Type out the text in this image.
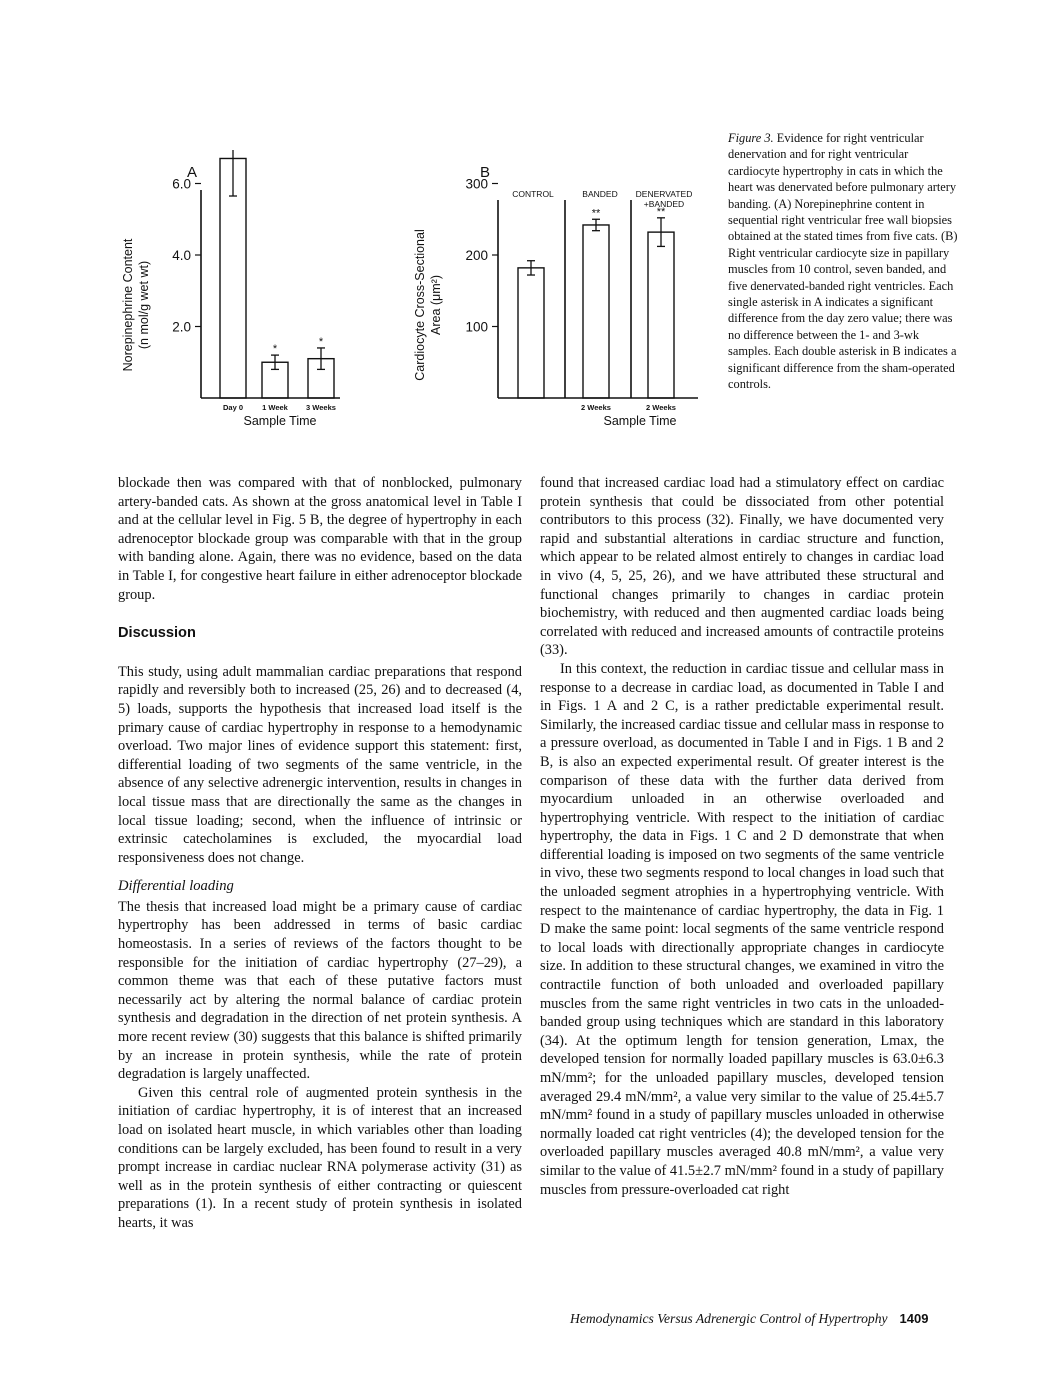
A
Norepinephrine Content (n mol/g wet wt) 2.0
4.0
6.0
Day 0
*
1 Week
*
3 Weeks
Sample Time
B
Cardiocyte Cross-Sectional Area (μm²)
CONTROL	BANDED DENERVATED
+BANDED
100
200
300
**
2 Weeks
**
2 Weeks
Sample Time
Figure 3. Evidence for right ventricular denervation and for right ventricular cardiocyte hypertrophy in cats in which the heart was denervated before pulmonary artery banding. (A) Norepinephrine content in sequential right ventricular free wall biopsies obtained at the stated times from five cats. (B) Right ventricular cardiocyte size in papillary muscles from 10 control, seven banded, and five denervated-banded right ventricles. Each single asterisk in A indicates a significant difference from the day zero value; there was no difference between the 1- and 3-wk samples. Each double asterisk in B indicates a significant difference from the sham-operated controls.

blockade then was compared with that of nonblocked, pulmonary artery-banded cats. As shown at the gross anatomical level in Table I and at the cellular level in Fig. 5 B, the degree of hypertrophy in each adrenoceptor blockade group was comparable with that in the group with banding alone. Again, there was no evidence, based on the data in Table I, for congestive heart failure in either adrenoceptor blockade group.

Discussion

This study, using adult mammalian cardiac preparations that respond rapidly and reversibly both to increased (25, 26) and to decreased (4, 5) loads, supports the hypothesis that increased load itself is the primary cause of cardiac hypertrophy in response to a hemodynamic overload. Two major lines of evidence support this statement: first, differential loading of two segments of the same ventricle, in the absence of any selective adrenergic intervention, results in changes in local tissue mass that are directionally the same as the changes in local tissue loading; second, when the influence of intrinsic or extrinsic catecholamines is excluded, the myocardial load responsiveness does not change.

Differential loading

The thesis that increased load might be a primary cause of cardiac hypertrophy has been addressed in terms of basic cardiac homeostasis. In a series of reviews of the factors thought to be responsible for the initiation of cardiac hypertrophy (27–29), a common theme was that each of these putative factors must necessarily act by altering the normal balance of cardiac protein synthesis and degradation in the direction of net protein synthesis. A more recent review (30) suggests that this balance is shifted primarily by an increase in protein synthesis, while the rate of protein degradation is largely unaffected.

Given this central role of augmented protein synthesis in the initiation of cardiac hypertrophy, it is of interest that an increased load on isolated heart muscle, in which variables other than loading conditions can be largely excluded, has been found to result in a very prompt increase in cardiac nuclear RNA polymerase activity (31) as well as in the protein synthesis of either contracting or quiescent preparations (1). In a recent study of protein synthesis in isolated hearts, it was

found that increased cardiac load had a stimulatory effect on cardiac protein synthesis that could be dissociated from other potential contributors to this process (32). Finally, we have documented very rapid and substantial alterations in cardiac structure and function, which appear to be related almost entirely to changes in cardiac load in vivo (4, 5, 25, 26), and we have attributed these structural and functional changes primarily to changes in cardiac protein biochemistry, with reduced and then augmented cardiac loads being correlated with reduced and increased amounts of contractile proteins (33).

In this context, the reduction in cardiac tissue and cellular mass in response to a decrease in cardiac load, as documented in Table I and in Figs. 1 A and 2 C, is a rather predictable experimental result. Similarly, the increased cardiac tissue and cellular mass in response to a pressure overload, as documented in Table I and in Figs. 1 B and 2 B, is also an expected experimental result. Of greater interest is the comparison of these data with the further data derived from myocardium unloaded in an otherwise overloaded and hypertrophying ventricle. With respect to the initiation of cardiac hypertrophy, the data in Figs. 1 C and 2 D demonstrate that when differential loading is imposed on two segments of the same ventricle in vivo, these two segments respond to local changes in load such that the unloaded segment atrophies in a hypertrophying ventricle. With respect to the maintenance of cardiac hypertrophy, the data in Fig. 1 D make the same point: local segments of the same ventricle respond to local loads with directionally appropriate changes in cardiocyte size. In addition to these structural changes, we examined in vitro the contractile function of both unloaded and overloaded papillary muscles from the same right ventricles in two cats in the unloaded-banded group using techniques which are standard in this laboratory (34). At the optimum length for tension generation, Lmax, the developed tension for normally loaded papillary muscles is 63.0±6.3 mN/mm²; for the unloaded papillary muscles, developed tension averaged 29.4 mN/mm², a value very similar to the value of 25.4±5.7 mN/mm² found in a study of papillary muscles unloaded in otherwise normally loaded cat right ventricles (4); the developed tension for the overloaded papillary muscles averaged 40.8 mN/mm², a value very similar to the value of 41.5±2.7 mN/mm² found in a study of papillary muscles from pressure-overloaded cat right

Hemodynamics Versus Adrenergic Control of Hypertrophy 1409
